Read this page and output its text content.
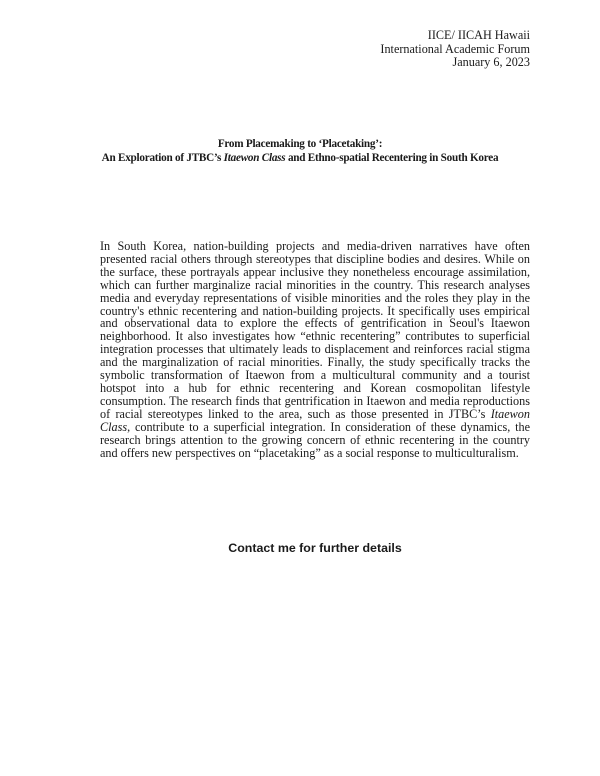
IICE/ IICAH Hawaii
International Academic Forum
January 6, 2023
From Placemaking to ‘Placetaking’:
An Exploration of JTBC’s Itaewon Class and Ethno-spatial Recentering in South Korea
In South Korea, nation-building projects and media-driven narratives have often presented racial others through stereotypes that discipline bodies and desires. While on the surface, these portrayals appear inclusive they nonetheless encourage assimilation, which can further marginalize racial minorities in the country. This research analyses media and everyday representations of visible minorities and the roles they play in the country's ethnic recentering and nation-building projects. It specifically uses empirical and observational data to explore the effects of gentrification in Seoul's Itaewon neighborhood. It also investigates how “ethnic recentering” contributes to superficial integration processes that ultimately leads to displacement and reinforces racial stigma and the marginalization of racial minorities. Finally, the study specifically tracks the symbolic transformation of Itaewon from a multicultural community and a tourist hotspot into a hub for ethnic recentering and Korean cosmopolitan lifestyle consumption. The research finds that gentrification in Itaewon and media reproductions of racial stereotypes linked to the area, such as those presented in JTBC’s Itaewon Class, contribute to a superficial integration. In consideration of these dynamics, the research brings attention to the growing concern of ethnic recentering in the country and offers new perspectives on “placetaking” as a social response to multiculturalism.
Contact me for further details
